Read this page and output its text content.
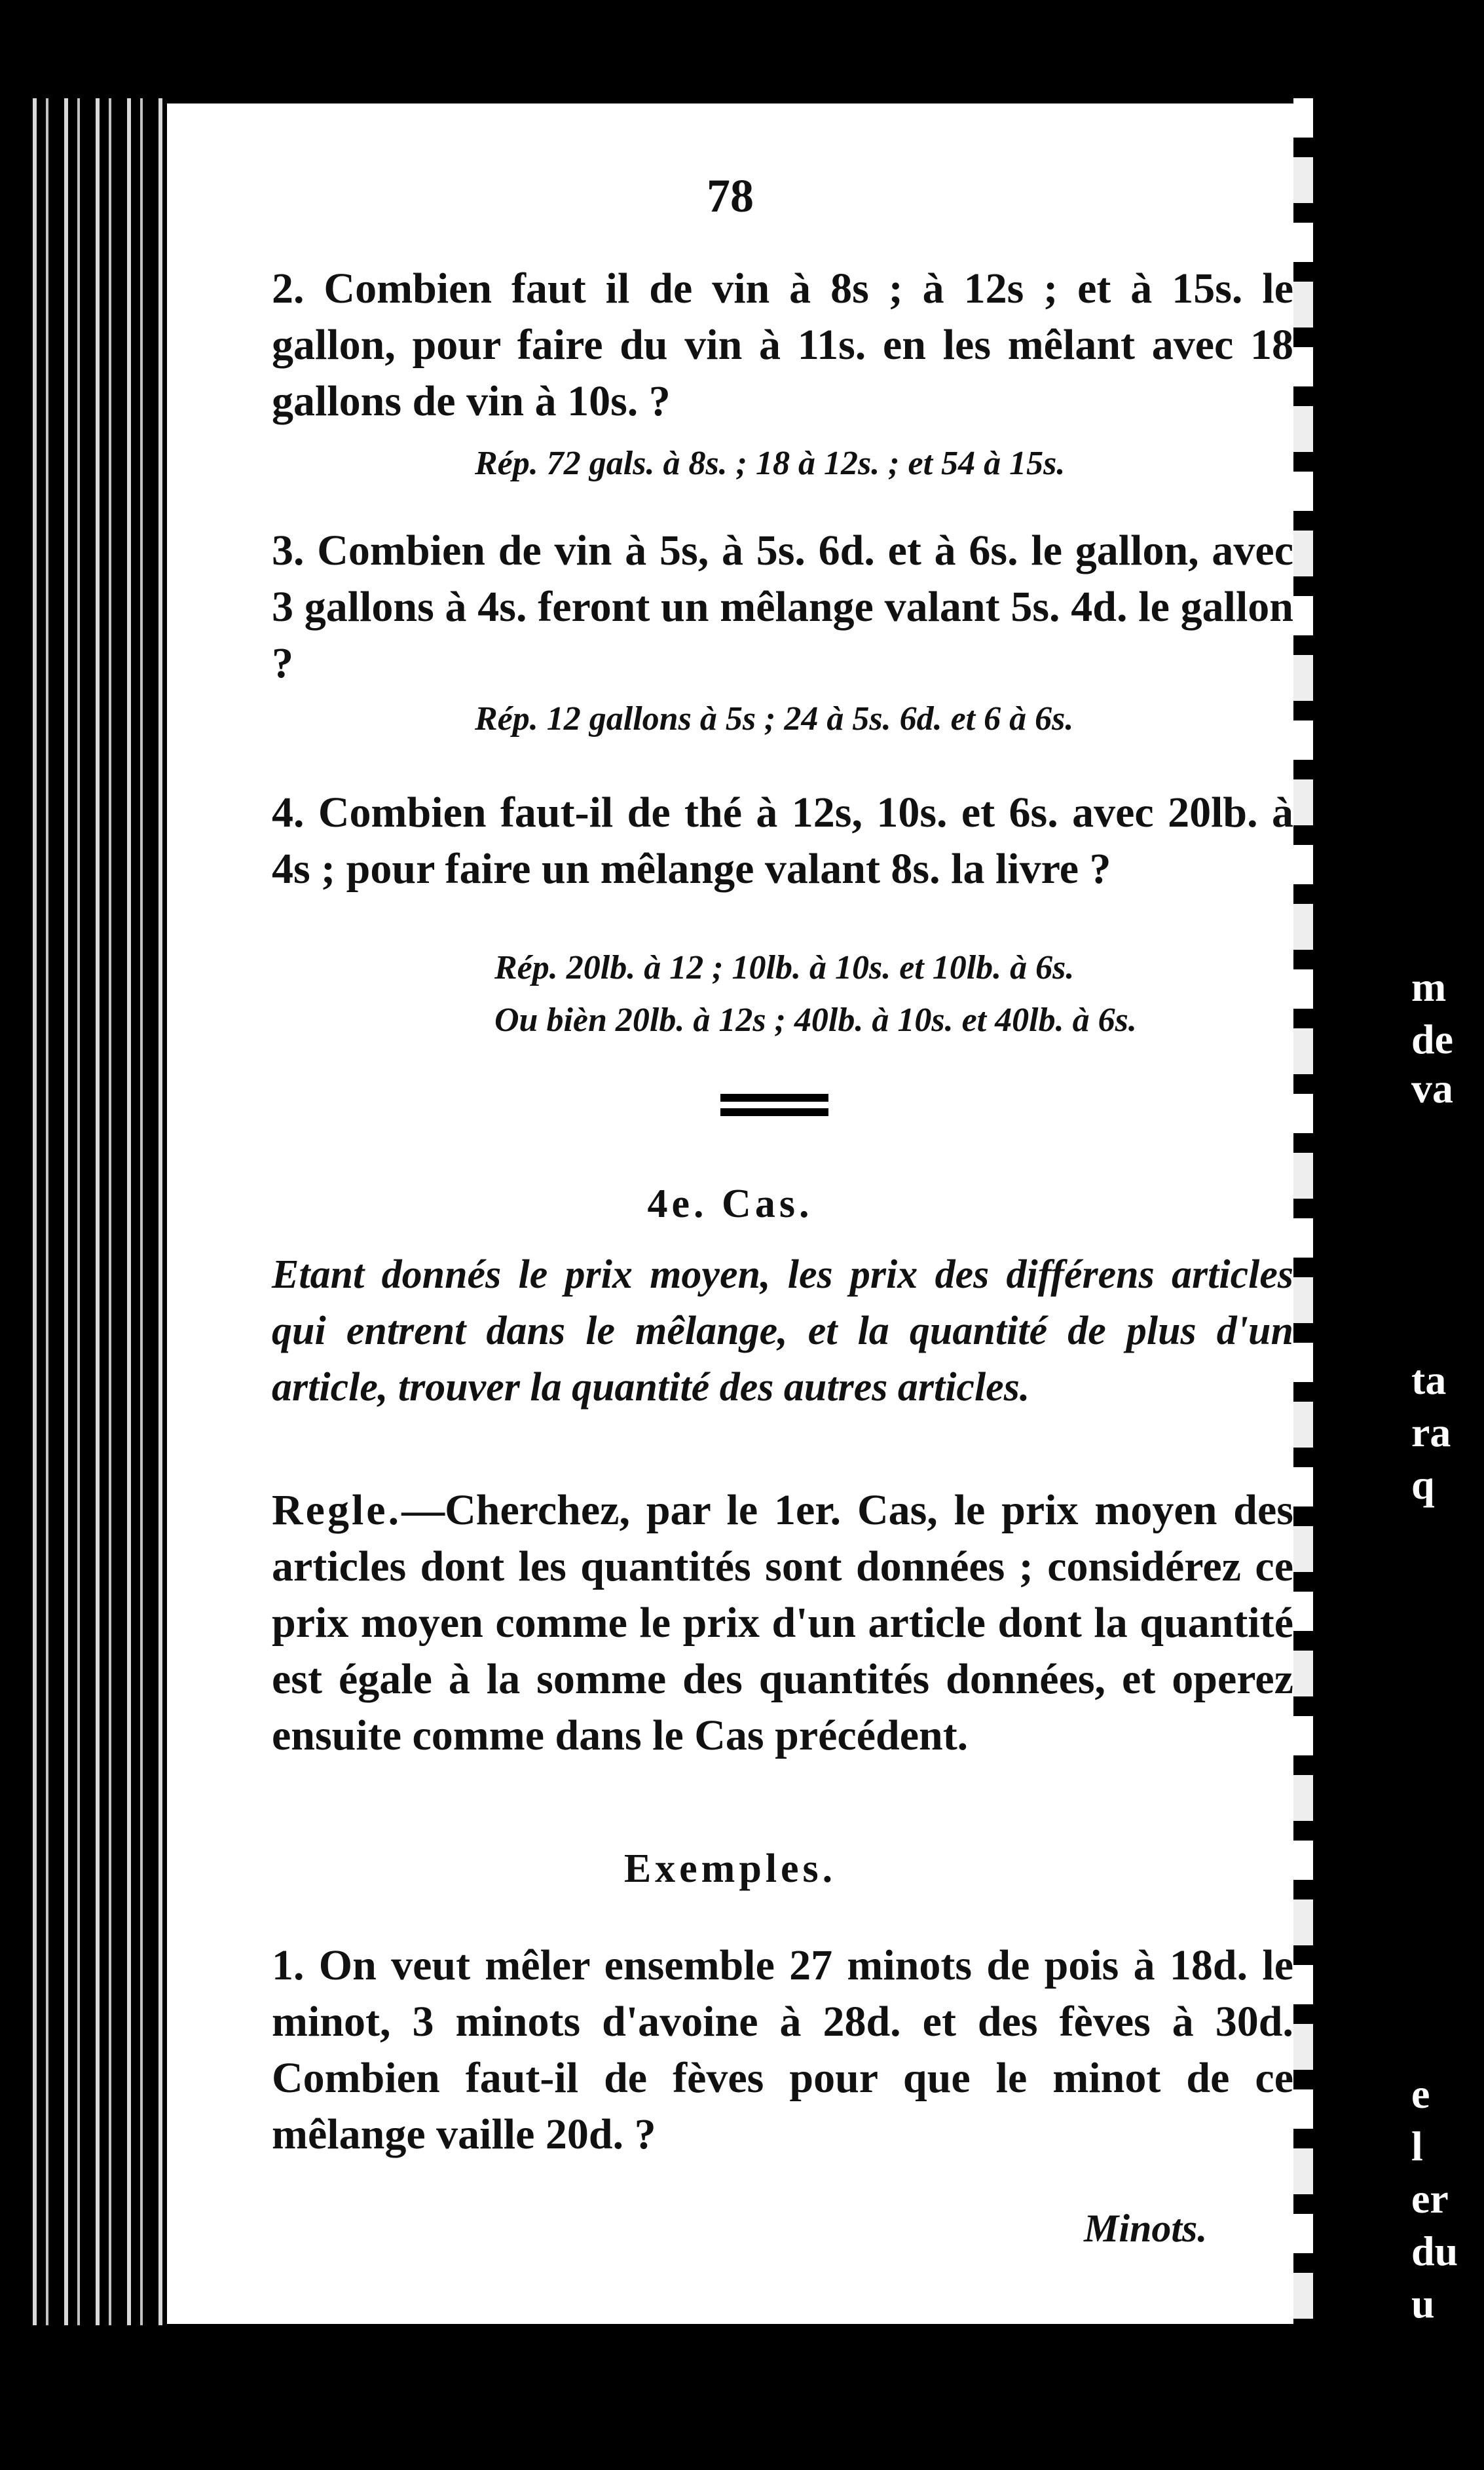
m
de
va
ta
ra
q
e
l
er
du
u
78
2. Combien faut il de vin à 8s ; à 12s ; et à 15s. le gallon, pour faire du vin à 11s. en les mêlant avec 18 gallons de vin à 10s. ?
Rép. 72 gals. à 8s. ; 18 à 12s. ; et 54 à 15s.
3. Combien de vin à 5s, à 5s. 6d. et à 6s. le gallon, avec 3 gallons à 4s. feront un mêlange valant 5s. 4d. le gallon ?
Rép. 12 gallons à 5s ; 24 à 5s. 6d. et 6 à 6s.
4. Combien faut-il de thé à 12s, 10s. et 6s. avec 20lb. à 4s ; pour faire un mêlange valant 8s. la livre ?
Rép. 20lb. à 12 ; 10lb. à 10s. et 10lb. à 6s.
Ou bièn 20lb. à 12s ; 40lb. à 10s. et 40lb. à 6s.
4e. Cas.
Etant donnés le prix moyen, les prix des différens articles qui entrent dans le mêlange, et la quantité de plus d'un article, trouver la quantité des autres articles.
Regle.—Cherchez, par le 1er. Cas, le prix moyen des articles dont les quantités sont données ; considérez ce prix moyen comme le prix d'un article dont la quantité est égale à la somme des quantités données, et operez ensuite comme dans le Cas précédent.
Exemples.
1. On veut mêler ensemble 27 minots de pois à 18d. le minot, 3 minots d'avoine à 28d. et des fèves à 30d. Combien faut-il de fèves pour que le minot de ce mêlange vaille 20d. ?
Minots.
